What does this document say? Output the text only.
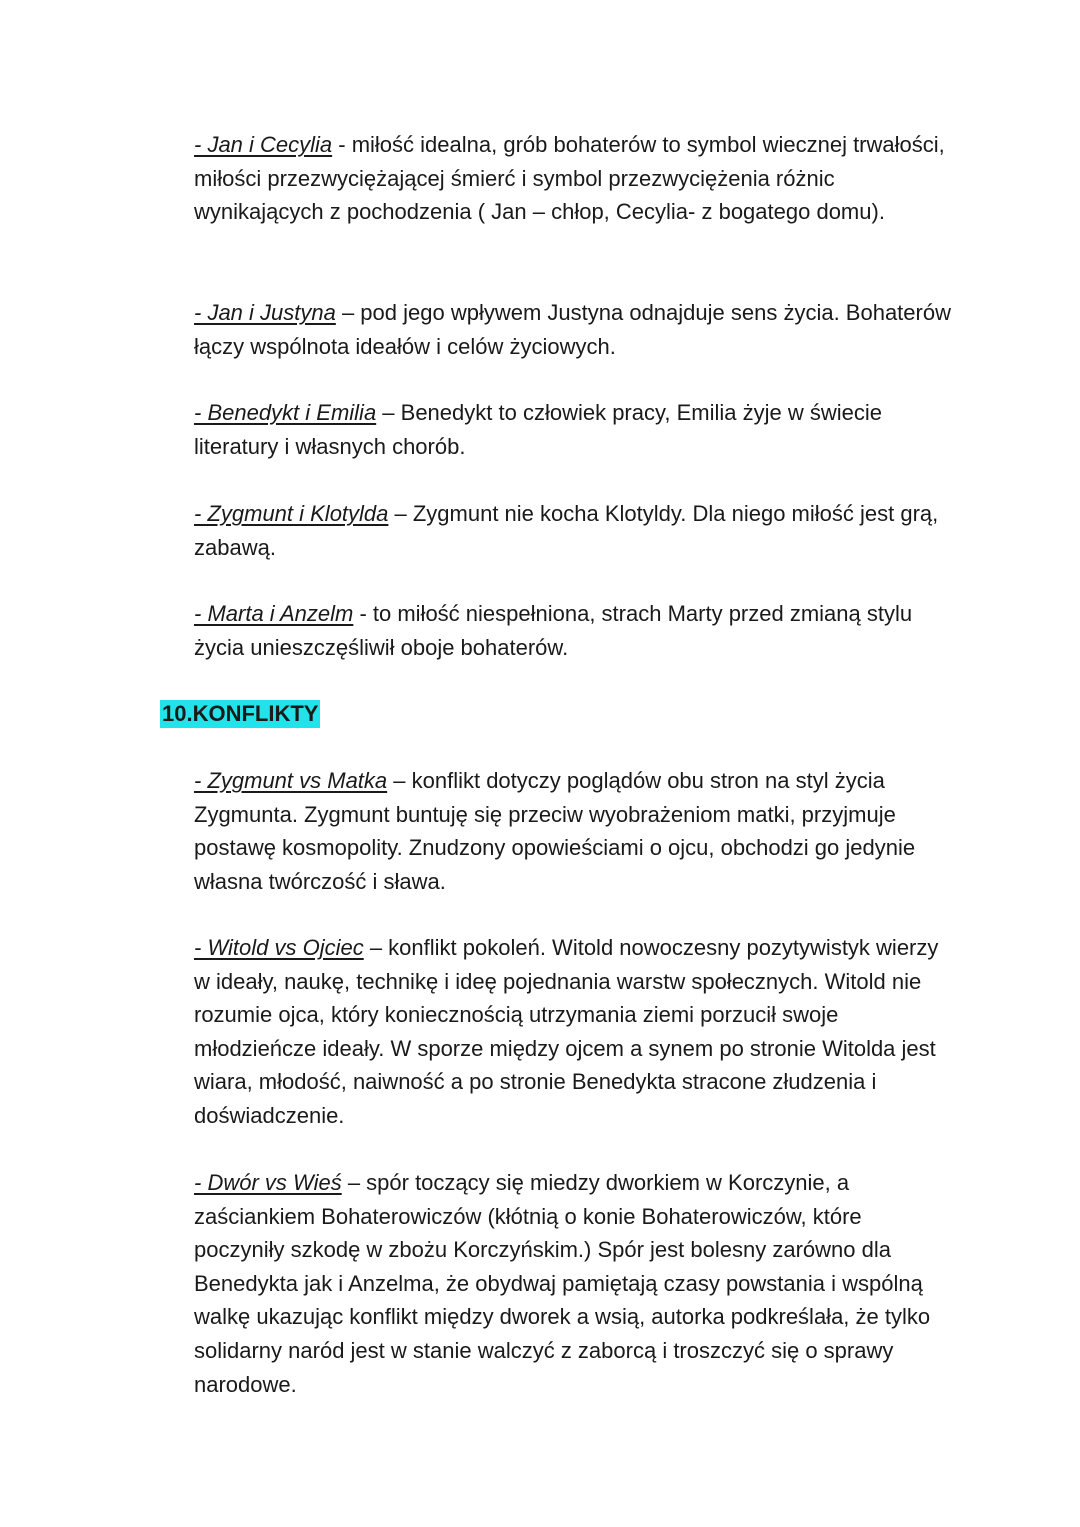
- Jan i Cecylia - miłość idealna, grób bohaterów to symbol wiecznej trwałości, miłości przezwyciężającej śmierć i symbol przezwyciężenia różnic wynikających z pochodzenia ( Jan – chłop, Cecylia- z bogatego domu).

- Jan i Justyna – pod jego wpływem Justyna odnajduje sens życia. Bohaterów łączy wspólnota ideałów i celów życiowych.

- Benedykt i Emilia – Benedykt to człowiek pracy, Emilia żyje w świecie literatury i własnych chorób.

- Zygmunt i Klotylda – Zygmunt nie kocha Klotyldy. Dla niego miłość jest grą, zabawą.

- Marta i Anzelm - to miłość niespełniona, strach Marty przed zmianą stylu życia unieszczęśliwił oboje bohaterów.

10.KONFLIKTY

- Zygmunt vs Matka – konflikt dotyczy poglądów obu stron na styl życia Zygmunta. Zygmunt buntuję się przeciw wyobrażeniom matki, przyjmuje postawę kosmopolity. Znudzony opowieściami o ojcu, obchodzi go jedynie własna twórczość i sława.

- Witold vs Ojciec – konflikt pokoleń. Witold nowoczesny pozytywistyk wierzy w ideały, naukę, technikę i ideę pojednania warstw społecznych. Witold nie rozumie ojca, który koniecznością utrzymania ziemi porzucił swoje młodzieńcze ideały. W sporze między ojcem a synem po stronie Witolda jest wiara, młodość, naiwność a po stronie Benedykta stracone złudzenia i doświadczenie.

- Dwór vs Wieś – spór toczący się miedzy dworkiem w Korczynie, a zaściankiem Bohaterowiczów (kłótnią o konie Bohaterowiczów, które poczyniły szkodę w zbożu Korczyńskim.) Spór jest bolesny zarówno dla Benedykta jak i Anzelma, że obydwaj pamiętają czasy powstania i wspólną walkę ukazując konflikt między dworek a wsią, autorka podkreślała, że tylko solidarny naród jest w stanie walczyć z zaborcą i troszczyć się o sprawy narodowe.
